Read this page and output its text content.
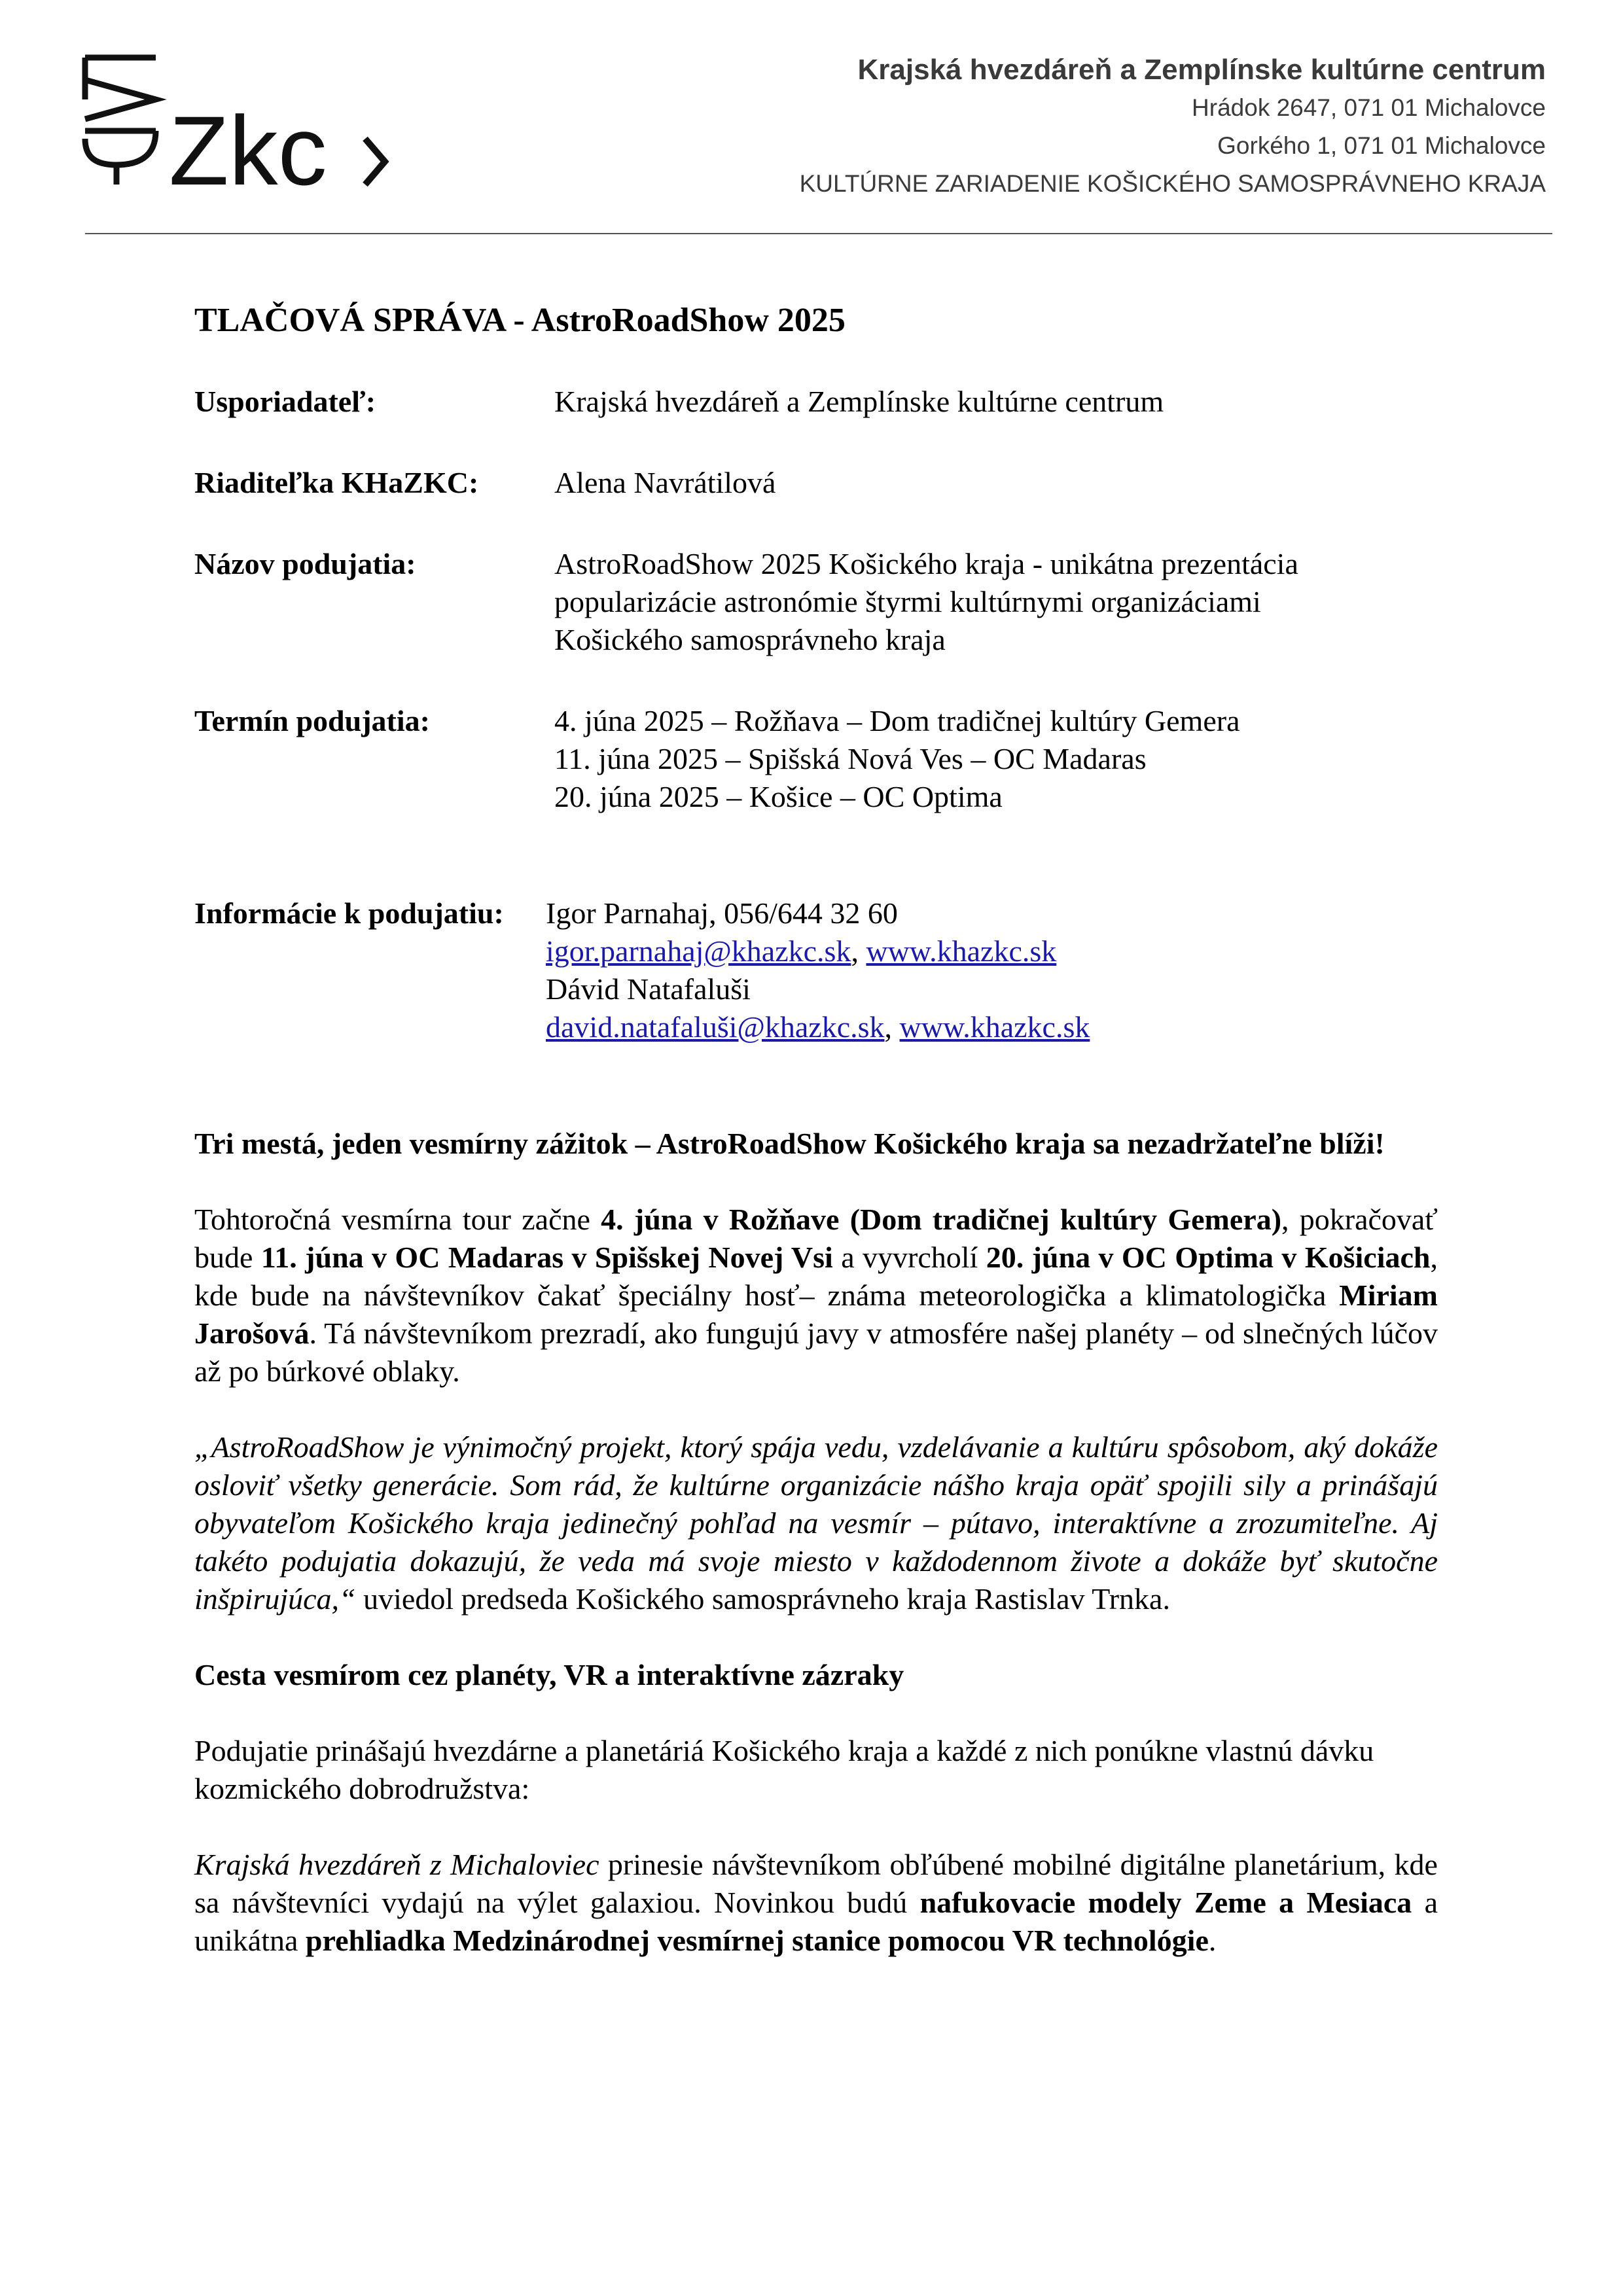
Zkc
Krajská hvezdáreň a Zemplínske kultúrne centrum
Hrádok 2647, 071 01 Michalovce
Gorkého 1, 071 01 Michalovce
KULTÚRNE ZARIADENIE KOŠICKÉHO SAMOSPRÁVNEHO KRAJA
TLAČOVÁ SPRÁVA - AstroRoadShow 2025
Usporiadateľ:	Krajská hvezdáreň a Zemplínske kultúrne centrum
Riaditeľka KHaZKC:	Alena Navrátilová
Názov podujatia:	AstroRoadShow 2025 Košického kraja - unikátna prezentácia
popularizácie astronómie štyrmi kultúrnymi organizáciami
Košického samosprávneho kraja
Termín podujatia:	4. júna 2025 – Rožňava – Dom tradičnej kultúry Gemera
11. júna 2025 – Spišská Nová Ves – OC Madaras
20. júna 2025 – Košice – OC Optima
Informácie k podujatiu: Igor Parnahaj, 056/644 32 60
igor.parnahaj@khazkc.sk, www.khazkc.sk
Dávid Natafaluši
david.natafaluši@khazkc.sk, www.khazkc.sk

Tri mestá, jeden vesmírny zážitok – AstroRoadShow Košického kraja sa nezadržateľne blíži!

Tohtoročná vesmírna tour začne 4. júna v Rožňave (Dom tradičnej kultúry Gemera), pokračovať bude 11. júna v OC Madaras v Spišskej Novej Vsi a vyvrcholí 20. júna v OC Optima v Košiciach, kde bude na návštevníkov čakať špeciálny hosť– známa meteorologička a klimatologička Miriam Jarošová. Tá návštevníkom prezradí, ako fungujú javy v atmosfére našej planéty – od slnečných lúčov až po búrkové oblaky.

„AstroRoadShow je výnimočný projekt, ktorý spája vedu, vzdelávanie a kultúru spôsobom, aký dokáže osloviť všetky generácie. Som rád, že kultúrne organizácie nášho kraja opäť spojili sily a prinášajú obyvateľom Košického kraja jedinečný pohľad na vesmír – pútavo, interaktívne a zrozumiteľne. Aj takéto podujatia dokazujú, že veda má svoje miesto v každodennom živote a dokáže byť skutočne inšpirujúca,“ uviedol predseda Košického samosprávneho kraja Rastislav Trnka.

Cesta vesmírom cez planéty, VR a interaktívne zázraky

Podujatie prinášajú hvezdárne a planetáriá Košického kraja a každé z nich ponúkne vlastnú dávku kozmického dobrodružstva:

Krajská hvezdáreň z Michaloviec prinesie návštevníkom obľúbené mobilné digitálne planetárium, kde sa návštevníci vydajú na výlet galaxiou. Novinkou budú nafukovacie modely Zeme a Mesiaca a unikátna prehliadka Medzinárodnej vesmírnej stanice pomocou VR technológie.
